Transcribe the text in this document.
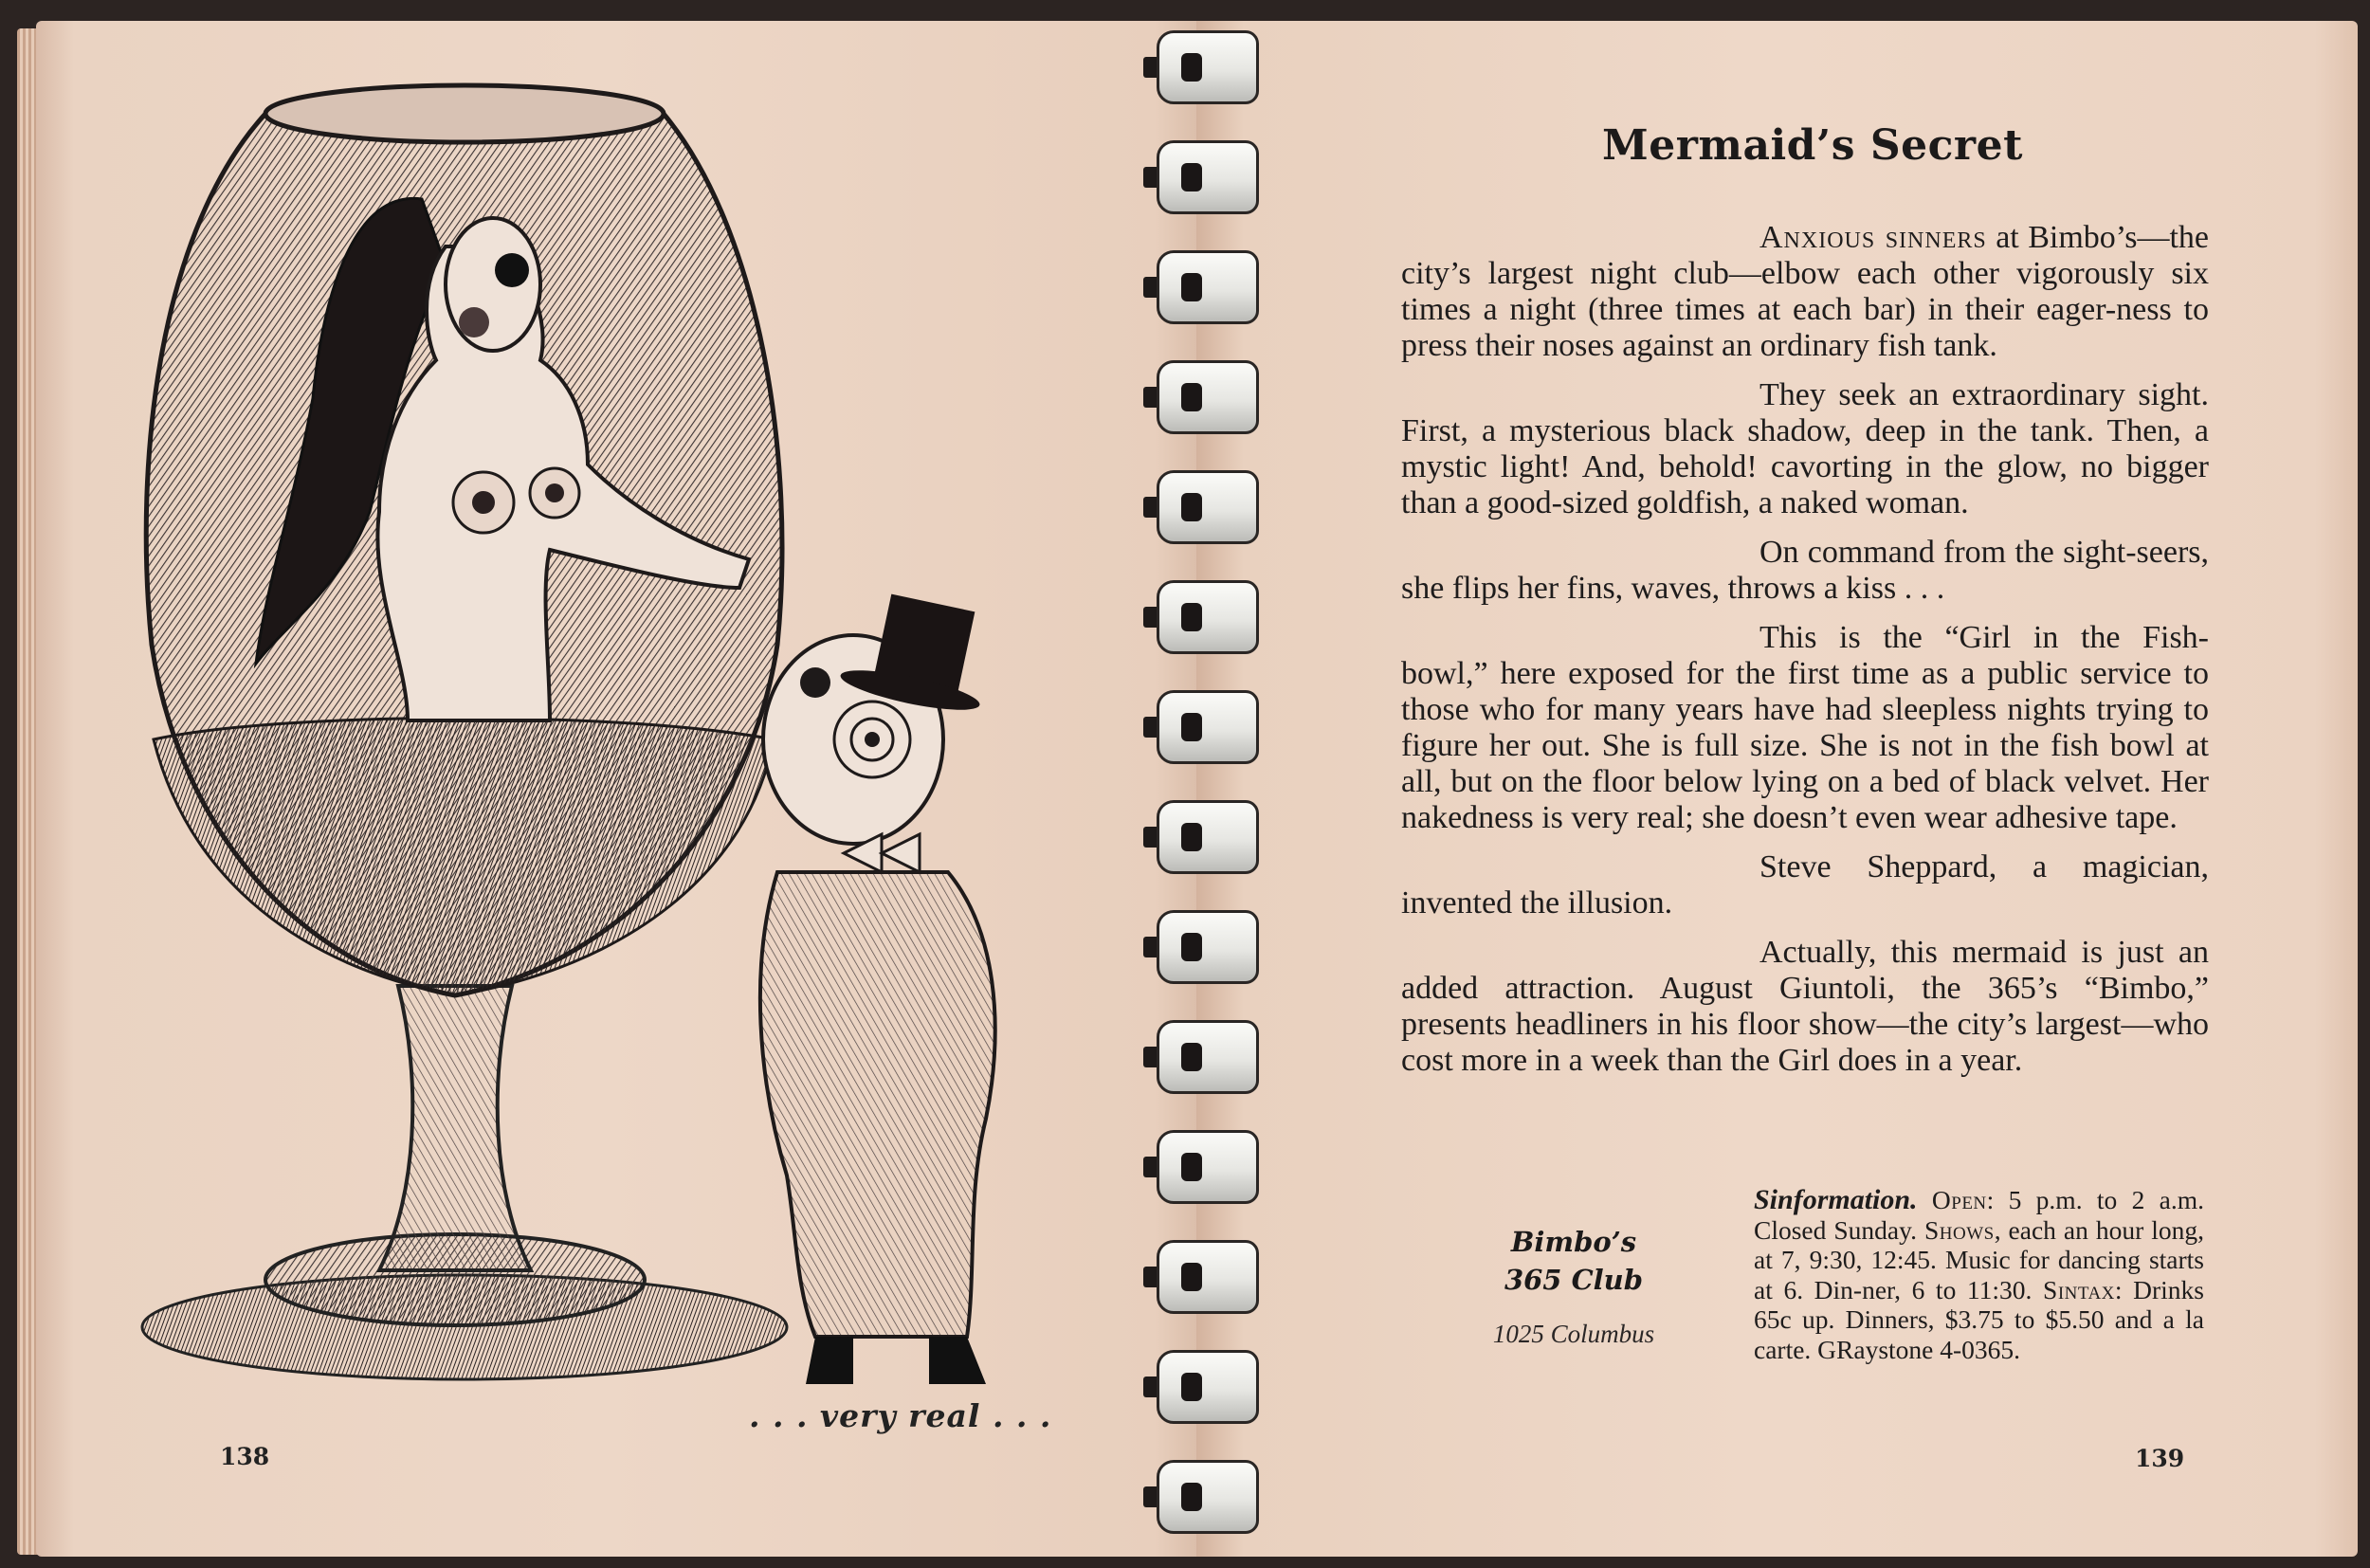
. . . very real . . .
138
Mermaid’s Secret

Anxious sinners at Bimbo’s—the city’s largest night club—elbow each other vigorously six times a night (three times at each bar) in their eager-ness to press their noses against an ordinary fish tank.

They seek an extraordinary sight. First, a mysterious black shadow, deep in the tank. Then, a mystic light! And, behold! cavorting in the glow, no bigger than a good-sized goldfish, a naked woman.

On command from the sight-seers, she flips her fins, waves, throws a kiss . . .

This is the “Girl in the Fish-bowl,” here exposed for the first time as a public service to those who for many years have had sleepless nights trying to figure her out. She is full size. She is not in the fish bowl at all, but on the floor below lying on a bed of black velvet. Her nakedness is very real; she doesn’t even wear adhesive tape.

Steve Sheppard, a magician, invented the illusion.

Actually, this mermaid is just an added attraction. August Giuntoli, the 365’s “Bimbo,” presents headliners in his floor show—the city’s largest—who cost more in a week than the Girl does in a year.

Bimbo’s
365 Club
1025 Columbus
Sinformation. Open: 5 p.m. to 2 a.m. Closed Sunday. Shows, each an hour long, at 7, 9:30, 12:45. Music for dancing starts at 6. Din-ner, 6 to 11:30. Sintax: Drinks 65c up. Dinners, $3.75 to $5.50 and a la carte. GRaystone 4-0365.
139
